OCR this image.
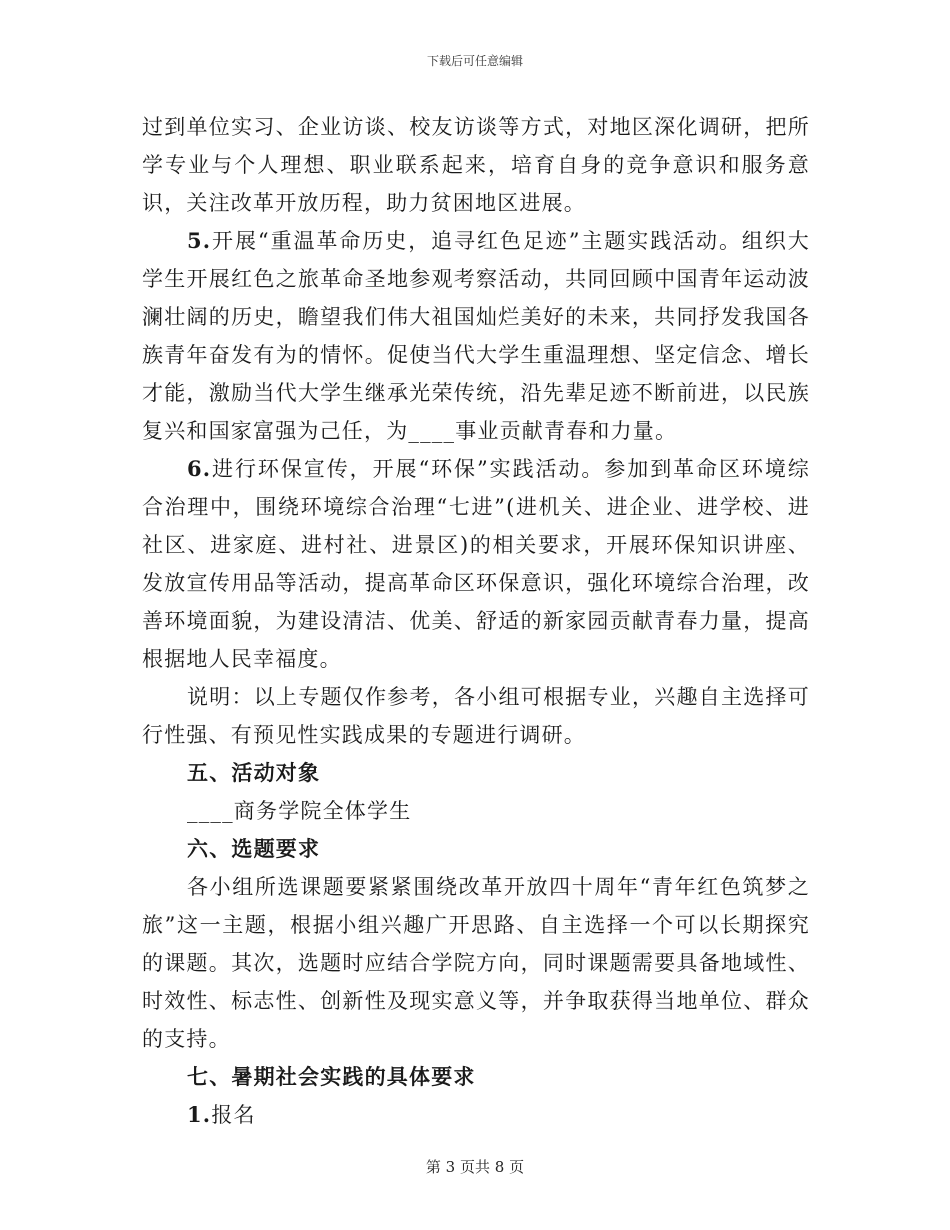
下载后可任意编辑

过到单位实习、企业访谈、校友访谈等方式，对地区深化调研，把所学专业与个人理想、职业联系起来，培育自身的竞争意识和服务意识，关注改革开放历程，助力贫困地区进展。

5.开展“重温革命历史，追寻红色足迹”主题实践活动。组织大学生开展红色之旅革命圣地参观考察活动，共同回顾中国青年运动波澜壮阔的历史，瞻望我们伟大祖国灿烂美好的未来，共同抒发我国各族青年奋发有为的情怀。促使当代大学生重温理想、坚定信念、增长才能，激励当代大学生继承光荣传统，沿先辈足迹不断前进，以民族复兴和国家富强为己任，为____事业贡献青春和力量。

6.进行环保宣传，开展“环保”实践活动。参加到革命区环境综合治理中，围绕环境综合治理“七进”(进机关、进企业、进学校、进社区、进家庭、进村社、进景区)的相关要求，开展环保知识讲座、发放宣传用品等活动，提高革命区环保意识，强化环境综合治理，改善环境面貌，为建设清洁、优美、舒适的新家园贡献青春力量，提高根据地人民幸福度。

说明：以上专题仅作参考，各小组可根据专业，兴趣自主选择可行性强、有预见性实践成果的专题进行调研。

五、活动对象

____商务学院全体学生

六、选题要求

各小组所选课题要紧紧围绕改革开放四十周年“青年红色筑梦之旅”这一主题，根据小组兴趣广开思路、自主选择一个可以长期探究的课题。其次，选题时应结合学院方向，同时课题需要具备地域性、时效性、标志性、创新性及现实意义等，并争取获得当地单位、群众的支持。

七、暑期社会实践的具体要求

1.报名

第 3 页共 8 页
